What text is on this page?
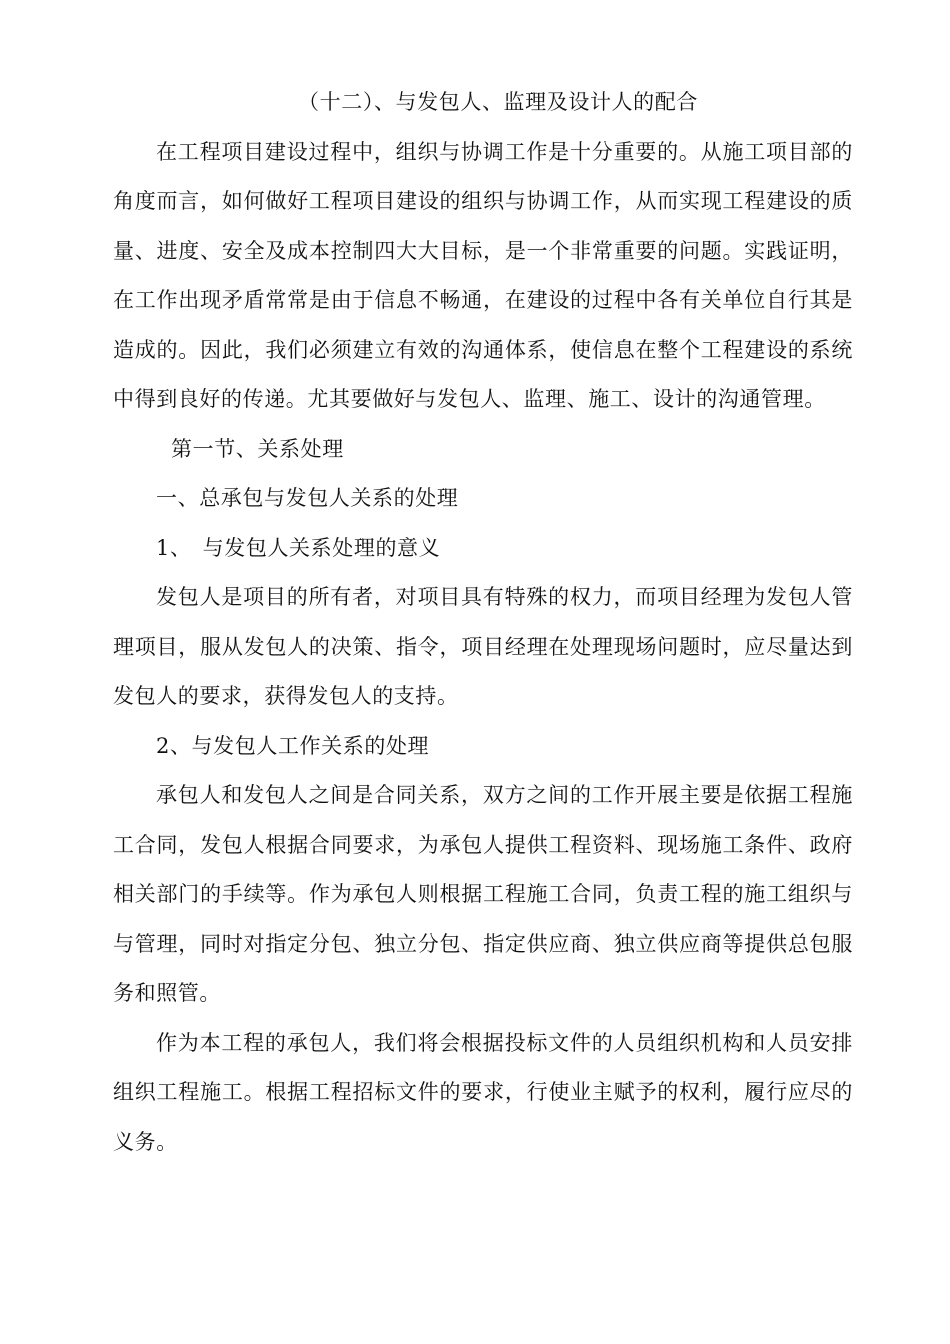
（十二）、与发包人、监理及设计人的配合

在工程项目建设过程中，组织与协调工作是十分重要的。从施工项目部的角度而言，如何做好工程项目建设的组织与协调工作，从而实现工程建设的质量、进度、安全及成本控制四大大目标，是一个非常重要的问题。实践证明，在工作出现矛盾常常是由于信息不畅通，在建设的过程中各有关单位自行其是造成的。因此，我们必须建立有效的沟通体系，使信息在整个工程建设的系统中得到良好的传递。尤其要做好与发包人、监理、施工、设计的沟通管理。

第一节、关系处理

一、总承包与发包人关系的处理

1、　与发包人关系处理的意义

发包人是项目的所有者，对项目具有特殊的权力，而项目经理为发包人管理项目，服从发包人的决策、指令，项目经理在处理现场问题时，应尽量达到发包人的要求，获得发包人的支持。

2、与发包人工作关系的处理

承包人和发包人之间是合同关系，双方之间的工作开展主要是依据工程施工合同，发包人根据合同要求，为承包人提供工程资料、现场施工条件、政府相关部门的手续等。作为承包人则根据工程施工合同，负责工程的施工组织与与管理，同时对指定分包、独立分包、指定供应商、独立供应商等提供总包服务和照管。

作为本工程的承包人，我们将会根据投标文件的人员组织机构和人员安排组织工程施工。根据工程招标文件的要求，行使业主赋予的权利，履行应尽的义务。
